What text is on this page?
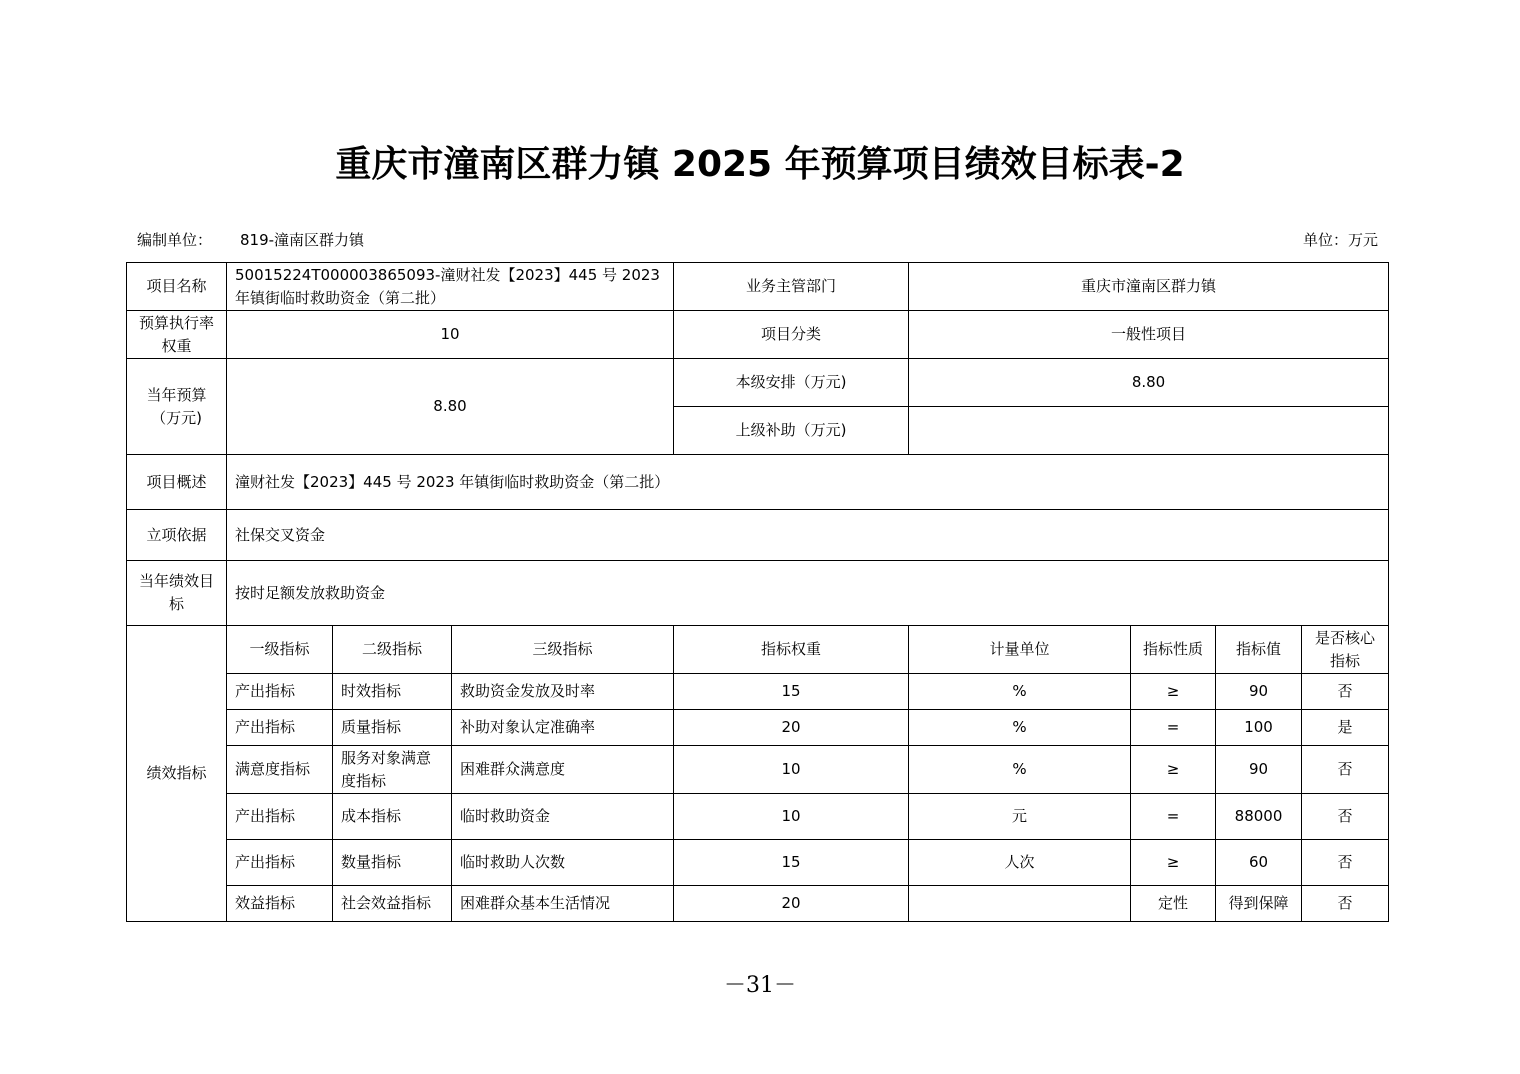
重庆市潼南区群力镇 2025 年预算项目绩效目标表-2
编制单位： 819-潼南区群力镇	单位：万元
项目名称	50015224T000003865093-潼财社发【2023】445 号 2023 年镇街临时救助资金（第二批）			业务主管部门	重庆市潼南区群力镇			
预算执行率权重	10			项目分类	一般性项目			
当年预算（万元)	8.80			本级安排（万元)	8.80			
				上级补助（万元)				
项目概述	潼财社发【2023】445 号 2023 年镇街临时救助资金（第二批）							
立项依据	社保交叉资金							
当年绩效目标	按时足额发放救助资金							
绩效指标	一级指标	二级指标	三级指标	指标权重	计量单位	指标性质	指标值	是否核心指标
	产出指标	时效指标	救助资金发放及时率	15	%	≥	90	否
	产出指标	质量指标	补助对象认定准确率	20	%	=	100	是
	满意度指标	服务对象满意度指标	困难群众满意度	10	%	≥	90	否
	产出指标	成本指标	临时救助资金	10	元	=	88000	否
	产出指标	数量指标	临时救助人次数	15	人次	≥	60	否
	效益指标	社会效益指标	困难群众基本生活情况	20		定性	得到保障	否
－31－
